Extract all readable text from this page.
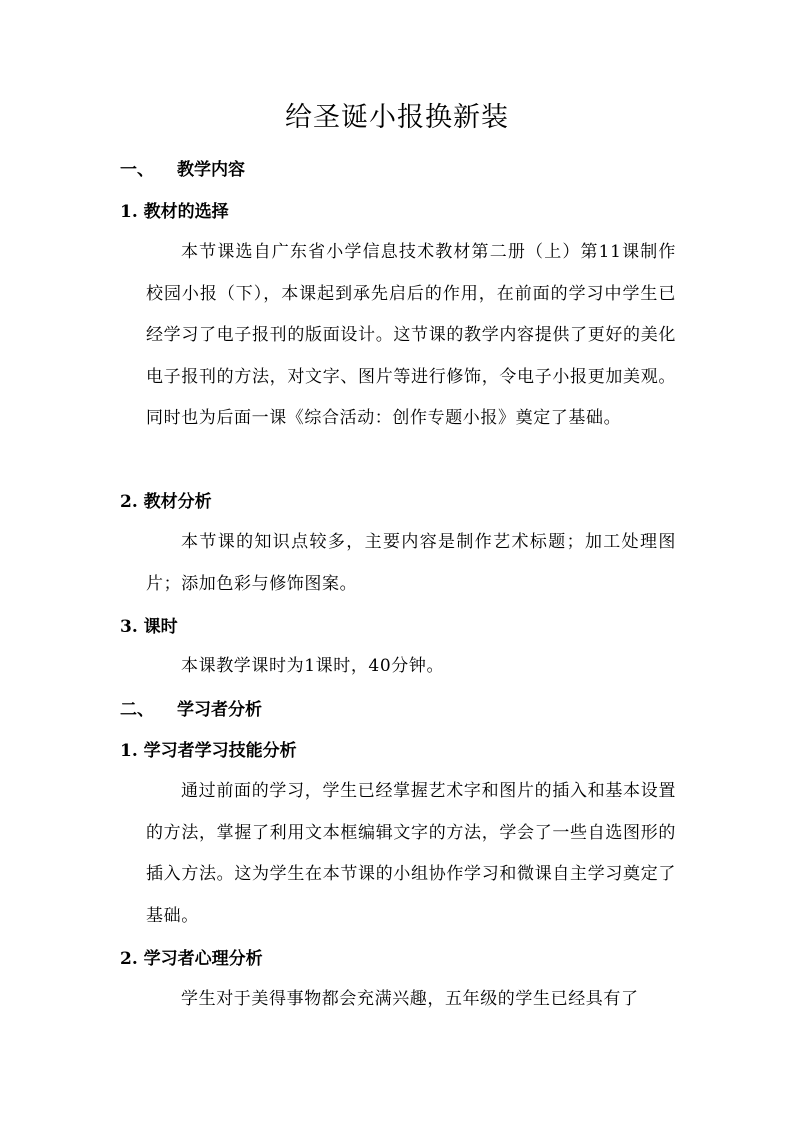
给圣诞小报换新装
一、 教学内容
1. 教材的选择

本节课选自广东省小学信息技术教材第二册（上）第11课制作校园小报（下），本课起到承先启后的作用，在前面的学习中学生已经学习了电子报刊的版面设计。这节课的教学内容提供了更好的美化电子报刊的方法，对文字、图片等进行修饰，令电子小报更加美观。同时也为后面一课《综合活动：创作专题小报》奠定了基础。

2. 教材分析

本节课的知识点较多，主要内容是制作艺术标题；加工处理图片；添加色彩与修饰图案。

3. 课时

本课教学课时为1课时，40分钟。

二、 学习者分析
1. 学习者学习技能分析

通过前面的学习，学生已经掌握艺术字和图片的插入和基本设置的方法，掌握了利用文本框编辑文字的方法，学会了一些自选图形的插入方法。这为学生在本节课的小组协作学习和微课自主学习奠定了基础。

2. 学习者心理分析

学生对于美得事物都会充满兴趣，五年级的学生已经具有了
